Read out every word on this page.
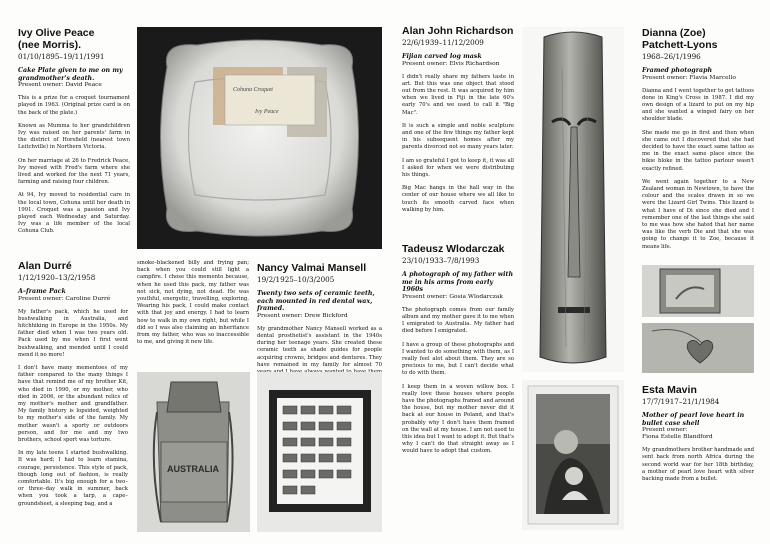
Ivy Olive Peace
(nee Morris).
01/10/1895–19/11/1991
Cake Plate given to me on my grandmother's death.
Present owner: David Peace
This is a prize for a croquet tournament played in 1963. (Original prize card is on the back of the plate.)
Known as Mumma to her grandchildren Ivy was raised on her parents' farm in the district of Horsfield (nearest town Leitchville) in Northern Victoria.
On her marriage at 26 to Fredrick Peace, Ivy moved with Fred's farm where she lived and worked for the next 71 years, farming and raising four children.
At 94, Ivy moved to residential care in the local town, Cohuna until her death in 1991. Croquet was a passion and Ivy played each Wednesday and Saturday. Ivy was a life member of the local Cohuna Club.
Cohuna Croquet
Ivy Peace
Alan Durré
1/12/1920–13/2/1958
A–frame Pack
Present owner: Caroline Durré
My father's pack, which he used for bushwalking in Australia, and hitchhiking in Europe in the 1950s. My father died when I was two years old. Pack used by me when I first went bushwalking, and mended until I could mend it no more!
I don't have many mementoes of my father compared to the many things I have that remind me of my brother Kit, who died in 1990, or my mother, who died in 2006, or the abundant relics of my mother's mother and grandfather. My family history is lopsided, weighted to my mother's side of the family. My mother wasn't a sporty or outdoors person, and for me and my two brothers, school sport was torture.
In my late teens I started bushwalking. It was hard; I had to learn stamina, courage, persistence. This style of pack, though long out of fashion, is really comfortable. It's big enough for a two– or three–day walk in summer, back when you took a tarp, a cape–groundsheet, a sleeping bag, and a
smoke–blackened billy and frying pan; back when you could still light a campfire. I chose this memento because, when he used this pack, my father was not sick, not dying, not dead. He was youthful, energetic, travelling, exploring. Wearing his pack, I could make contact with that joy and energy. I had to learn how to walk in my own right, but while I did so I was also claiming an inheritance from my father, who was so inaccessible to me, and giving it new life.
AUSTRALIA
Nancy Valmai Mansell
19/2/1925–10/3/2005
Twenty two sets of ceramic teeth, each mounted in red dental wax, framed.
Present owner: Drew Bickford
My grandmother Nancy Mansell worked as a dental prosthetist's assistant in the 1940s during her teenage years. She created these ceramic teeth as shade guides for people acquiring crowns, bridges and dentures. They have remained in my family for almost 70
Alan John Richardson
22/6/1939–11/12/2009
Fijian carved log mask
Present owner: Elvis Richardson
I didn't really share my fathers taste in art. But this was one object that stood out from the rest. It was acquired by him when we lived in Fiji in the late 60's early 70's and we used to call it "Big Mac".
It is such a simple and noble sculpture and one of the few things my father kept in his subsequent homes after my parents divorced not so many years later.
I am so grateful I got to keep it, it was all I asked for when we were distributing his things.
Big Mac hangs in the hall way in the center of our house where we all like to touch its smooth carved face when walking by him.
Tadeusz Wlodarczak
23/10/1933–7/8/1993
A photograph of my father with me in his arms from early 1960s
Present owner: Gosia Wlodarczak
The photograph comes from our family album and my mother gave it to me when I emigrated to Australia. My father had died before I emigrated.
I have a group of these photographs and I wanted to do something with them, as I really feel alot about them. They are so precious to me, but I can't decide what to do with them.
I keep them in a woven willow box. I really love these houses where people have the photographs framed and around the house, but my mother never did it back at our house in Poland, and that's probably why I don't have them framed on the wall at my house. I am not used to this idea but I want to adopt it. But that's why I can't do that straight away as I would have to adopt that custom.
Dianna (Zoe)
Patchett-Lyons
1968–26/1/1996
Framed photograph
Present owner: Flavia Marcello
Dianna and I went together to get tattoos done in King's Cross in 1987. I did my own design of a lizard to put on my hip and she wanted a winged fairy on her shoulder blade.
She made me go in first and then when she came out I discovered that she had decided to have the exact same tattoo as me in the exact same place since the bikie bloke in the tattoo parlour wasn't exactly refined.
We went again together to a New Zealand woman in Newtown, to have the colour and the scales drawn in so we were the Lizard Girl Twins. This lizard is what I have of Di since she died and I remember one of the last things she said to me was how she hated that her name was like the verb Die and that she was going to change it to Zoe, because it means life.
Esta Mavin
17/7/1917–21/1/1984
Mother of pearl love heart in bullet case shell
Present owner:
Fiona Estelle Blandford
My grandmothers brother handmade and sent back from north Africa during the second world war for her 18th birthday, a mother of pearl love heart with silver backing made from a bullet.
